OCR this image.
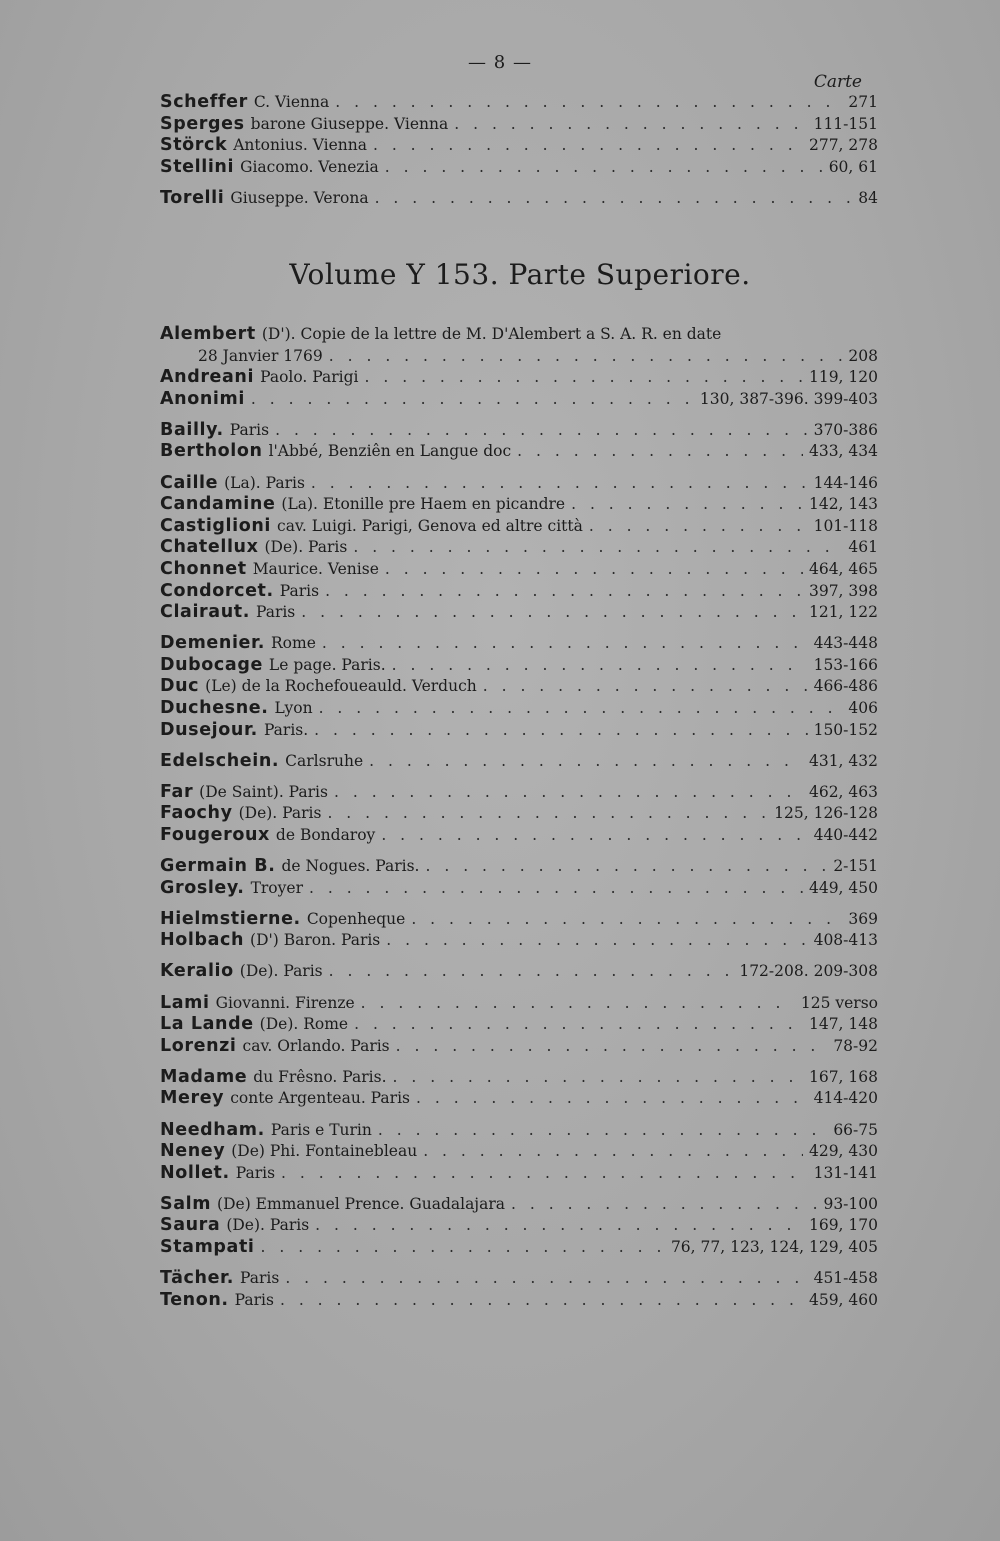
— 8 —
Carte
Scheffer C. Vienna . . .	271
Sperges barone Giuseppe. Vienna . . .	111-151
Störck Antonius. Vienna . . .	277, 278
Stellini Giacomo. Venezia . . .	60, 61
Torelli Giuseppe. Verona . . .	84
Volume Y 153. Parte Superiore.
Alembert (D'). Copie de la lettre de M. D'Alembert a S. A. R. en date
28 Janvier 1769 . . .	208
Andreani Paolo. Parigi . . .	119, 120
Anonimi . . .	130, 387-396. 399-403
Bailly. Paris . . .	370-386
Bertholon l'Abbé, Benziên en Langue doc . . .	433, 434
Caille (La). Paris . . .	144-146
Candamine (La). Etonille pre Haem en picandre . . .	142, 143
Castiglioni cav. Luigi. Parigi, Genova ed altre città . . .	101-118
Chatellux (De). Paris . . .	461
Chonnet Maurice. Venise . . .	464, 465
Condorcet. Paris . . .	397, 398
Clairaut. Paris . . .	121, 122
Demenier. Rome . . .	443-448
Dubocage Le page. Paris. . . .	153-166
Duc (Le) de la Rochefoueauld. Verduch . . .	466-486
Duchesne. Lyon . . .	406
Dusejour. Paris. . . .	150-152
Edelschein. Carlsruhe . . .	431, 432
Far (De Saint). Paris . . .	462, 463
Faochy (De). Paris . . .	125, 126-128
Fougeroux de Bondaroy . . .	440-442
Germain B. de Nogues. Paris. . . .	2-151
Grosley. Troyer . . .	449, 450
Hielmstierne. Copenheque . . .	369
Holbach (D') Baron. Paris . . .	408-413
Keralio (De). Paris . . .	172-208. 209-308
Lami Giovanni. Firenze . . .	125 verso
La Lande (De). Rome . . .	147, 148
Lorenzi cav. Orlando. Paris . . .	78-92
Madame du Frêsno. Paris. . . .	167, 168
Merey conte Argenteau. Paris . . .	414-420
Needham. Paris e Turin . . .	66-75
Neney (De) Phi. Fontainebleau . . .	429, 430
Nollet. Paris . . .	131-141
Salm (De) Emmanuel Prence. Guadalajara . . .	93-100
Saura (De). Paris . . .	169, 170
Stampati . . .	76, 77, 123, 124, 129, 405
Tächer. Paris . . .	451-458
Tenon. Paris . . .	459, 460
